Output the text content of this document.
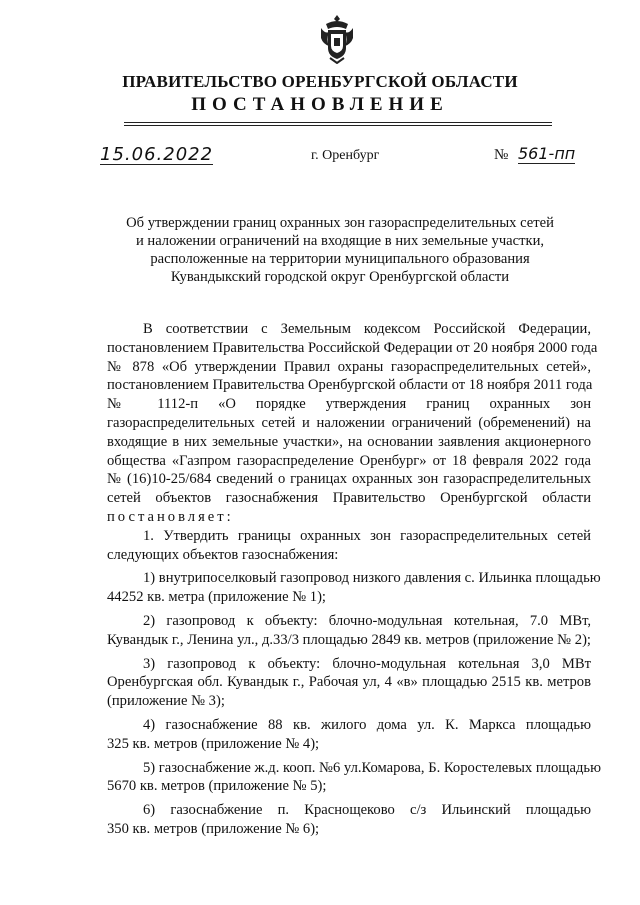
ПРАВИТЕЛЬСТВО ОРЕНБУРГСКОЙ ОБЛАСТИ
ПОСТАНОВЛЕНИЕ
15.06.2022	г. Оренбург	№ 561-пп
Об утверждении границ охранных зон газораспределительных сетей
и наложении ограничений на входящие в них земельные участки,
расположенные на территории муниципального образования
Кувандыкский городской округ Оренбургской области

В соответствии с Земельным кодексом Российской Федерации,
постановлением Правительства Российской Федерации от 20 ноября 2000 года
№ 878 «Об утверждении Правил охраны газораспределительных сетей»,
постановлением Правительства Оренбургской области от 18 ноября 2011 года
№ 1112-п «О порядке утверждения границ охранных зон
газораспределительных сетей и наложении ограничений (обременений) на
входящие в них земельные участки», на основании заявления акционерного
общества «Газпром газораспределение Оренбург» от 18 февраля 2022 года
№ (16)10-25/684 сведений о границах охранных зон газораспределительных
сетей объектов газоснабжения Правительство Оренбургской области
постановляет:

1. Утвердить границы охранных зон газораспределительных сетей
следующих объектов газоснабжения:

1) внутрипоселковый газопровод низкого давления с. Ильинка площадью
44252 кв. метра (приложение № 1);

2) газопровод к объекту: блочно-модульная котельная, 7.0 МВт,
Кувандык г., Ленина ул., д.33/3 площадью 2849 кв. метров (приложение № 2);

3) газопровод к объекту: блочно-модульная котельная 3,0 МВт
Оренбургская обл. Кувандык г., Рабочая ул, 4 «в» площадью 2515 кв. метров
(приложение № 3);

4) газоснабжение 88 кв. жилого дома ул. К. Маркса площадью
325 кв. метров (приложение № 4);

5) газоснабжение ж.д. кооп. №6 ул.Комарова, Б. Коростелевых площадью
5670 кв. метров (приложение № 5);

6) газоснабжение п. Краснощеково с/з Ильинский площадью
350 кв. метров (приложение № 6);
